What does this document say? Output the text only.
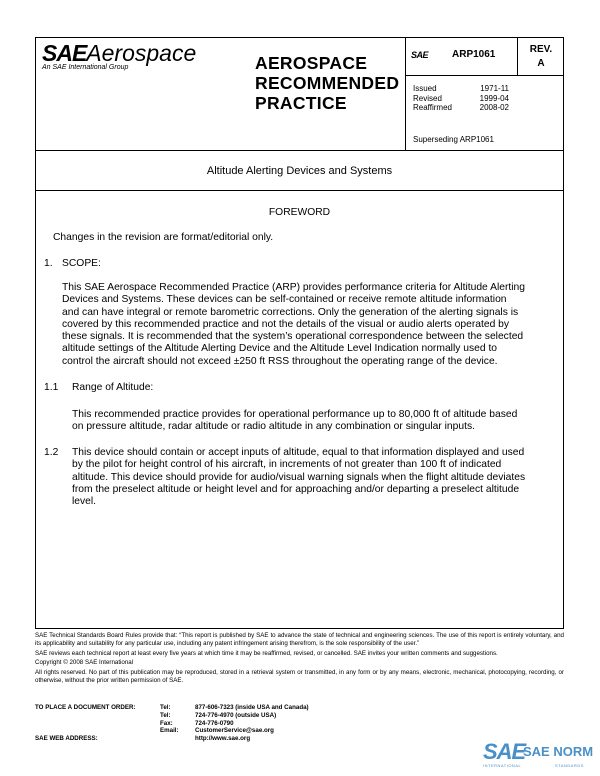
SAEAerospace
An SAE International Group	AEROSPACE
RECOMMENDED
PRACTICE
SAE ARP1061	REV.
A
Issued	1971-11
Revised	1999-04
Reaffirmed	2008-02
Superseding ARP1061
Altitude Alerting Devices and Systems
FOREWORD
Changes in the revision are format/editorial only.
1. SCOPE:
This SAE Aerospace Recommended Practice (ARP) provides performance criteria for Altitude Alerting
Devices and Systems. These devices can be self-contained or receive remote altitude information
and can have integral or remote barometric corrections. Only the generation of the alerting signals is
covered by this recommended practice and not the details of the visual or audio alerts operated by
these signals. It is recommended that the system’s operational correspondence between the selected
altitude settings of the Altitude Alerting Device and the Altitude Level Indication normally used to
control the aircraft should not exceed ±250 ft RSS throughout the operating range of the device.
1.1 Range of Altitude:
This recommended practice provides for operational performance up to 80,000 ft of altitude based
on pressure altitude, radar altitude or radio altitude in any combination or singular inputs.
1.2 This device should contain or accept inputs of altitude, equal to that information displayed and used
by the pilot for height control of his aircraft, in increments of not greater than 100 ft of indicated
altitude. This device should provide for audio/visual warning signals when the flight altitude deviates
from the preselect altitude or height level and for approaching and/or departing a preselect altitude
level.
SAE Technical Standards Board Rules provide that: “This report is published by SAE to advance the state of technical and engineering sciences. The use of this report is entirely voluntary, and its applicability and suitability for any particular use, including any patent infringement arising therefrom, is the sole responsibility of the user.”
SAE reviews each technical report at least every five years at which time it may be reaffirmed, revised, or cancelled. SAE invites your written comments and suggestions.
Copyright © 2008 SAE International
All rights reserved. No part of this publication may be reproduced, stored in a retrieval system or transmitted, in any form or by any means, electronic, mechanical, photocopying, recording, or otherwise, without the prior written permission of SAE.
TO PLACE A DOCUMENT ORDER:	Tel:	877-606-7323 (inside USA and Canada)
Tel:	724-776-4970 (outside USA)
Fax:	724-776-0790
Email:	CustomerService@sae.org
SAE WEB ADDRESS:	http://www.sae.org
SAE
SAE NORM
INTERNATIONAL	STANDARDS
